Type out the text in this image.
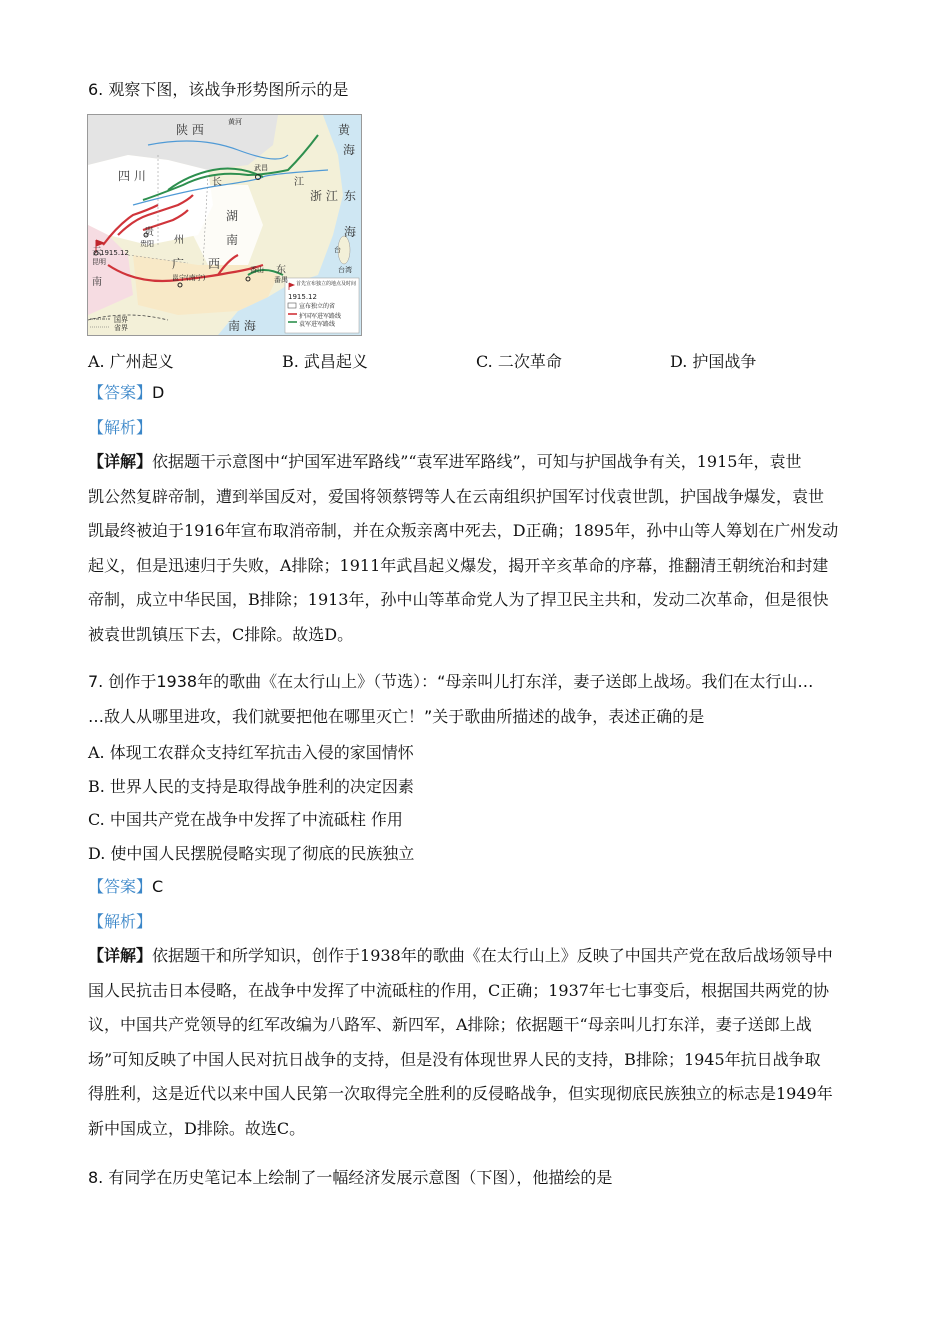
6. 观察下图，该战争形势图所示的是
陕 西
黄河
黄
海
四 川	长
武昌
江
浙 江 东
海
湖
南
贵
贵阳 州
云
1915.12
昆明
南
广 西
邕宁(南宁)
香山 东
番禺
台
台湾
南 海
国界
省界
首先宣布独立的地点及时间
1915.12
宣布独立的省
护国军进军路线
袁军进军路线
A. 广州起义	B. 武昌起义	C. 二次革命	D. 护国战争
【答案】D
【解析】

【详解】依据题干示意图中“护国军进军路线”“袁军进军路线”，可知与护国战争有关，1915年，袁世

凯公然复辟帝制，遭到举国反对，爱国将领蔡锷等人在云南组织护国军讨伐袁世凯，护国战争爆发，袁世

凯最终被迫于1916年宣布取消帝制，并在众叛亲离中死去，D正确；1895年，孙中山等人筹划在广州发动

起义，但是迅速归于失败，A排除；1911年武昌起义爆发，揭开辛亥革命的序幕，推翻清王朝统治和封建

帝制，成立中华民国，B排除；1913年，孙中山等革命党人为了捍卫民主共和，发动二次革命，但是很快

被袁世凯镇压下去，C排除。故选D。

7. 创作于1938年的歌曲《在太行山上》（节选）：“母亲叫儿打东洋，妻子送郎上战场。我们在太行山…
…敌人从哪里进攻，我们就要把他在哪里灭亡！”关于歌曲所描述的战争，表述正确的是
A. 体现工农群众支持红军抗击入侵的家国情怀
B. 世界人民的支持是取得战争胜利的决定因素
C. 中国共产党在战争中发挥了中流砥柱 作用
D. 使中国人民摆脱侵略实现了彻底的民族独立
【答案】C
【解析】

【详解】依据题干和所学知识，创作于1938年的歌曲《在太行山上》反映了中国共产党在敌后战场领导中

国人民抗击日本侵略，在战争中发挥了中流砥柱的作用，C正确；1937年七七事变后，根据国共两党的协

议，中国共产党领导的红军改编为八路军、新四军，A排除；依据题干“母亲叫儿打东洋，妻子送郎上战

场”可知反映了中国人民对抗日战争的支持，但是没有体现世界人民的支持，B排除；1945年抗日战争取

得胜利，这是近代以来中国人民第一次取得完全胜利的反侵略战争，但实现彻底民族独立的标志是1949年

新中国成立，D排除。故选C。

8. 有同学在历史笔记本上绘制了一幅经济发展示意图（下图），他描绘的是
